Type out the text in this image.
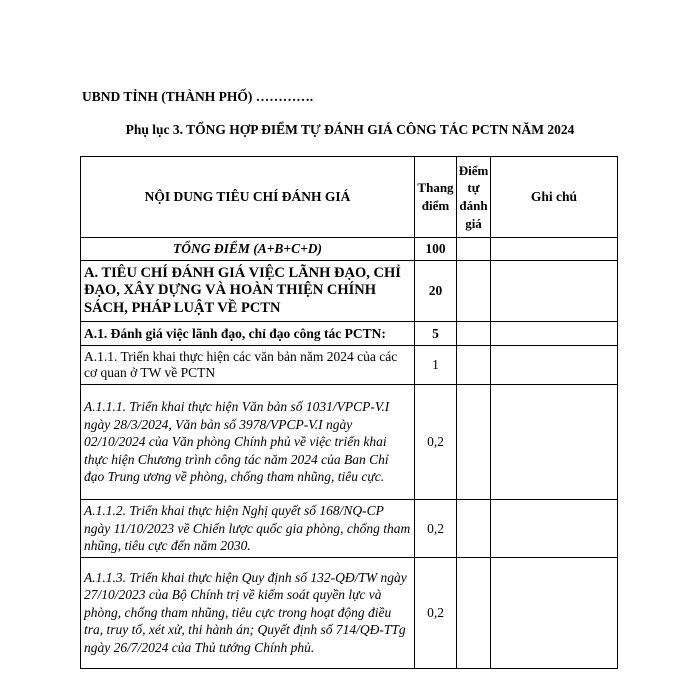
UBND TỈNH (THÀNH PHỐ) ………….
Phụ lục 3. TỔNG HỢP ĐIỂM TỰ ĐÁNH GIÁ CÔNG TÁC PCTN NĂM 2024
NỘI DUNG TIÊU CHÍ ĐÁNH GIÁ	Thang điểm	Điểm tự đánh giá	Ghi chú
TỔNG ĐIỂM (A+B+C+D)	100		
A. TIÊU CHÍ ĐÁNH GIÁ VIỆC LÃNH ĐẠO, CHỈ ĐẠO, XÂY DỰNG VÀ HOÀN THIỆN CHÍNH SÁCH, PHÁP LUẬT VỀ PCTN	20		
A.1. Đánh giá việc lãnh đạo, chỉ đạo công tác PCTN:	5		
A.1.1. Triển khai thực hiện các văn bản năm 2024 của các cơ quan ở TW về PCTN	1		
A.1.1.1. Triển khai thực hiện Văn bản số 1031/VPCP-V.I ngày 28/3/2024, Văn bản số 3978/VPCP-V.I ngày 02/10/2024 của Văn phòng Chính phủ về việc triển khai thực hiện Chương trình công tác năm 2024 của Ban Chỉ đạo Trung ương về phòng, chống tham nhũng, tiêu cực.	0,2		
A.1.1.2. Triển khai thực hiện Nghị quyết số 168/NQ-CP ngày 11/10/2023 về Chiến lược quốc gia phòng, chống tham nhũng, tiêu cực đến năm 2030.	0,2		
A.1.1.3. Triển khai thực hiện Quy định số 132-QĐ/TW ngày 27/10/2023 của Bộ Chính trị về kiểm soát quyền lực và phòng, chống tham nhũng, tiêu cực trong hoạt động điều tra, truy tố, xét xử, thi hành án; Quyết định số 714/QĐ-TTg ngày 26/7/2024 của Thủ tướng Chính phủ.	0,2		
